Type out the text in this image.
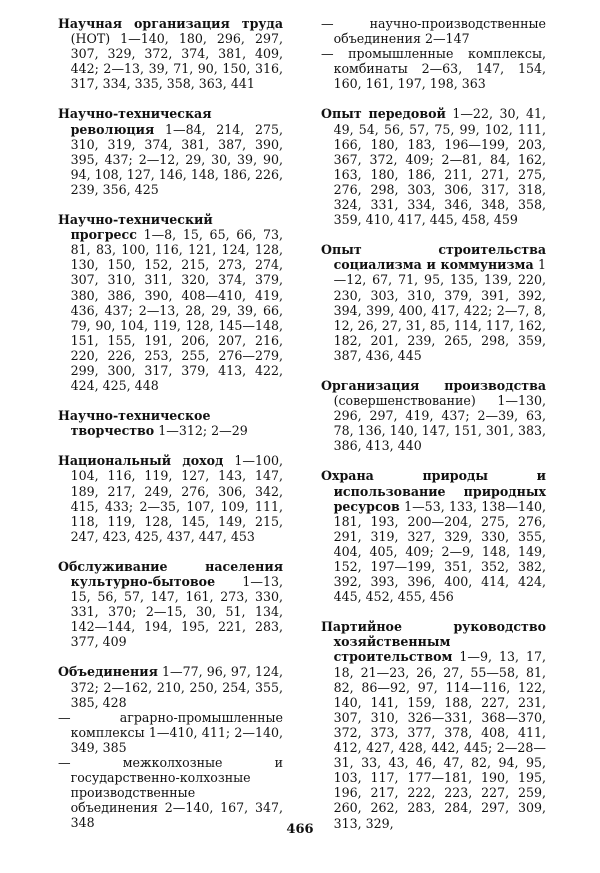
Научная организация труда (НОТ) 1—140, 180, 296, 297, 307, 329, 372, 374, 381, 409, 442; 2—13, 39, 71, 90, 150, 316, 317, 334, 335, 358, 363, 441

Научно-техническая революция 1—84, 214, 275, 310, 319, 374, 381, 387, 390, 395, 437; 2—12, 29, 30, 39, 90, 94, 108, 127, 146, 148, 186, 226, 239, 356, 425

Научно-технический прогресс 1—8, 15, 65, 66, 73, 81, 83, 100, 116, 121, 124, 128, 130, 150, 152, 215, 273, 274, 307, 310, 311, 320, 374, 379, 380, 386, 390, 408—410, 419, 436, 437; 2—13, 28, 29, 39, 66, 79, 90, 104, 119, 128, 145—148, 151, 155, 191, 206, 207, 216, 220, 226, 253, 255, 276—279, 299, 300, 317, 379, 413, 422, 424, 425, 448

Научно-техническое творчество 1—312; 2—29

Национальный доход 1—100, 104, 116, 119, 127, 143, 147, 189, 217, 249, 276, 306, 342, 415, 433; 2—35, 107, 109, 111, 118, 119, 128, 145, 149, 215, 247, 423, 425, 437, 447, 453

Обслуживание населения культурно-бытовое 1—13, 15, 56, 57, 147, 161, 273, 330, 331, 370; 2—15, 30, 51, 134, 142—144, 194, 195, 221, 283, 377, 409

Объединения 1—77, 96, 97, 124, 372; 2—162, 210, 250, 254, 355, 385, 428

— аграрно-промышленные комплексы 1—410, 411; 2—140, 349, 385

— межколхозные и государственно-колхозные производственные объединения 2—140, 167, 347, 348

— научно-производственные объединения 2—147

— промышленные комплексы, комбинаты 2—63, 147, 154, 160, 161, 197, 198, 363

Опыт передовой 1—22, 30, 41, 49, 54, 56, 57, 75, 99, 102, 111, 166, 180, 183, 196—199, 203, 367, 372, 409; 2—81, 84, 162, 163, 180, 186, 211, 271, 275, 276, 298, 303, 306, 317, 318, 324, 331, 334, 346, 348, 358, 359, 410, 417, 445, 458, 459

Опыт строительства социализма и коммунизма 1—12, 67, 71, 95, 135, 139, 220, 230, 303, 310, 379, 391, 392, 394, 399, 400, 417, 422; 2—7, 8, 12, 26, 27, 31, 85, 114, 117, 162, 182, 201, 239, 265, 298, 359, 387, 436, 445

Организация производства (совершенствование) 1—130, 296, 297, 419, 437; 2—39, 63, 78, 136, 140, 147, 151, 301, 383, 386, 413, 440

Охрана природы и использование природных ресурсов 1—53, 133, 138—140, 181, 193, 200—204, 275, 276, 291, 319, 327, 329, 330, 355, 404, 405, 409; 2—9, 148, 149, 152, 197—199, 351, 352, 382, 392, 393, 396, 400, 414, 424, 445, 452, 455, 456

Партийное руководство хозяйственным строительством 1—9, 13, 17, 18, 21—23, 26, 27, 55—58, 81, 82, 86—92, 97, 114—116, 122, 140, 141, 159, 188, 227, 231, 307, 310, 326—331, 368—370, 372, 373, 377, 378, 408, 411, 412, 427, 428, 442, 445; 2—28—31, 33, 43, 46, 47, 82, 94, 95, 103, 117, 177—181, 190, 195, 196, 217, 222, 223, 227, 259, 260, 262, 283, 284, 297, 309, 313, 329,

466
